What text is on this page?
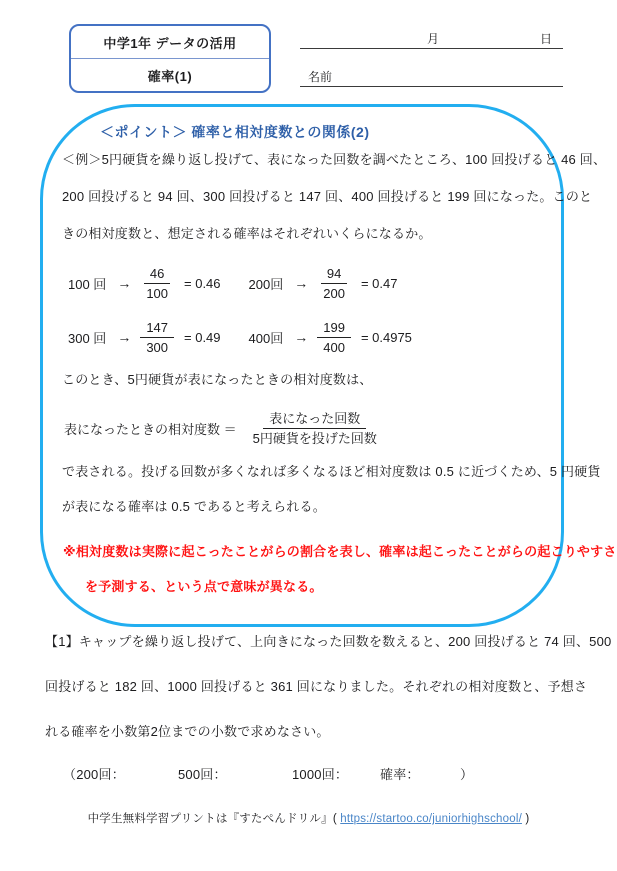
中学1年 データの活用
確率(1)
月	日
名前
＜ポイント＞ 確率と相対度数との関係(2)
＜例＞5円硬貨を繰り返し投げて、表になった回数を調べたところ、100 回投げると 46 回、
200 回投げると 94 回、300 回投げると 147 回、400 回投げると 199 回になった。このと
きの相対度数と、想定される確率はそれぞれいくらになるか。
100 回 → $\frac{46}{100} = 0.46$ 200回 → $\frac{94}{200} = 0.47$
300 回 → $\frac{147}{300} = 0.49$ 400回 → $\frac{199}{400} = 0.4975$
このとき、5円硬貨が表になったときの相対度数は、
表になったときの相対度数 ＝ $\frac{\text{表になった回数}}{\text{5円硬貨を投げた回数}}$
で表される。投げる回数が多くなれば多くなるほど相対度数は 0.5 に近づくため、5 円硬貨
が表になる確率は 0.5 であると考えられる。
※相対度数は実際に起こったことがらの割合を表し、確率は起こったことがらの起こりやすさ
を予測する、という点で意味が異なる。
【1】キャップを繰り返し投げて、上向きになった回数を数えると、200 回投げると 74 回、500
回投げると 182 回、1000 回投げると 361 回になりました。それぞれの相対度数と、予想さ
れる確率を小数第2位までの小数で求めなさい。
（200回：	500回：	1000回： 確率：	）
中学生無料学習プリントは『すたぺんドリル』( https://startoo.co/juniorhighschool/ )
